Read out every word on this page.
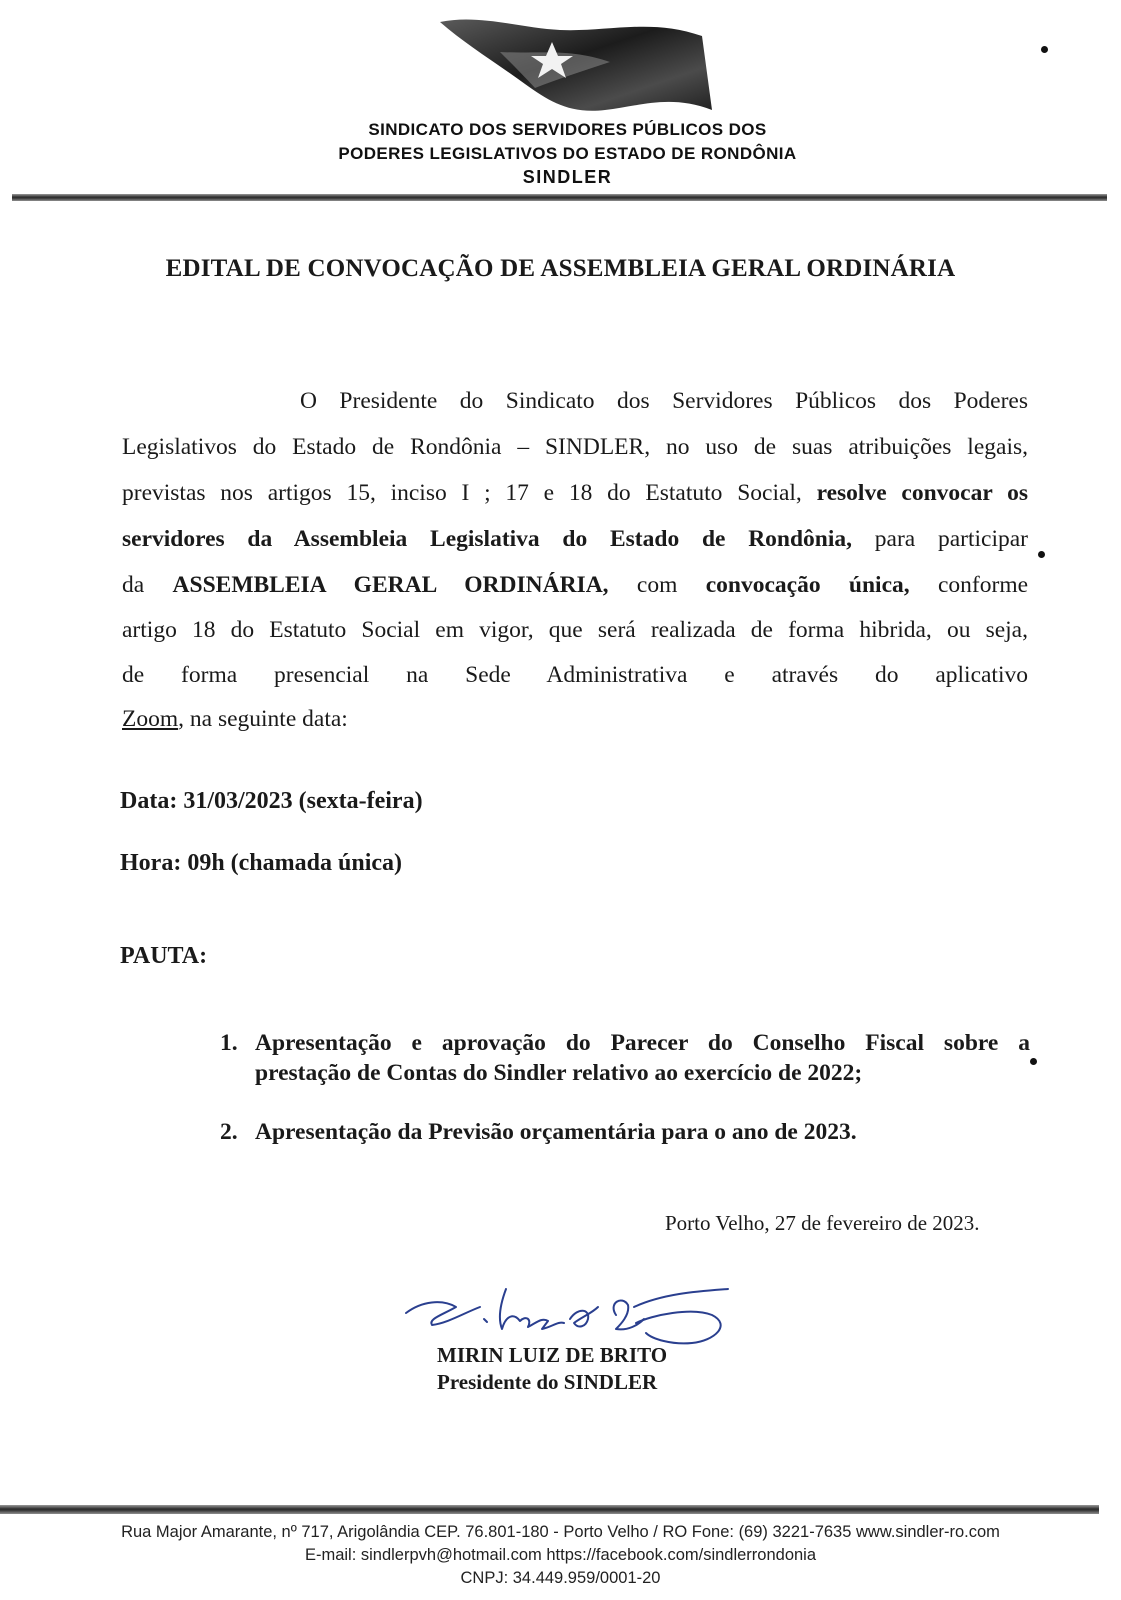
SINDICATO DOS SERVIDORES PÚBLICOS DOS
PODERES LEGISLATIVOS DO ESTADO DE RONDÔNIA
SINDLER
EDITAL DE CONVOCAÇÃO DE ASSEMBLEIA GERAL ORDINÁRIA
O Presidente do Sindicato dos Servidores Públicos dos Poderes
Legislativos do Estado de Rondônia – SINDLER, no uso de suas atribuições legais,
previstas nos artigos 15, inciso I ; 17 e 18 do Estatuto Social, resolve convocar os
servidores da Assembleia Legislativa do Estado de Rondônia, para participar
da ASSEMBLEIA GERAL ORDINÁRIA, com convocação única, conforme
artigo 18 do Estatuto Social em vigor, que será realizada de forma hibrida, ou seja,
de forma presencial na Sede Administrativa e através do aplicativo
Zoom, na seguinte data:
Data: 31/03/2023 (sexta-feira)
Hora: 09h (chamada única)
PAUTA:
1. Apresentação e aprovação do Parecer do Conselho Fiscal sobre a
prestação de Contas do Sindler relativo ao exercício de 2022;
2. Apresentação da Previsão orçamentária para o ano de 2023.
Porto Velho, 27 de fevereiro de 2023.
MIRIN LUIZ DE BRITO
Presidente do SINDLER
Rua Major Amarante, nº 717, Arigolândia CEP. 76.801-180 - Porto Velho / RO Fone: (69) 3221-7635 www.sindler-ro.com
E-mail: sindlerpvh@hotmail.com https://facebook.com/sindlerrondonia
CNPJ: 34.449.959/0001-20
